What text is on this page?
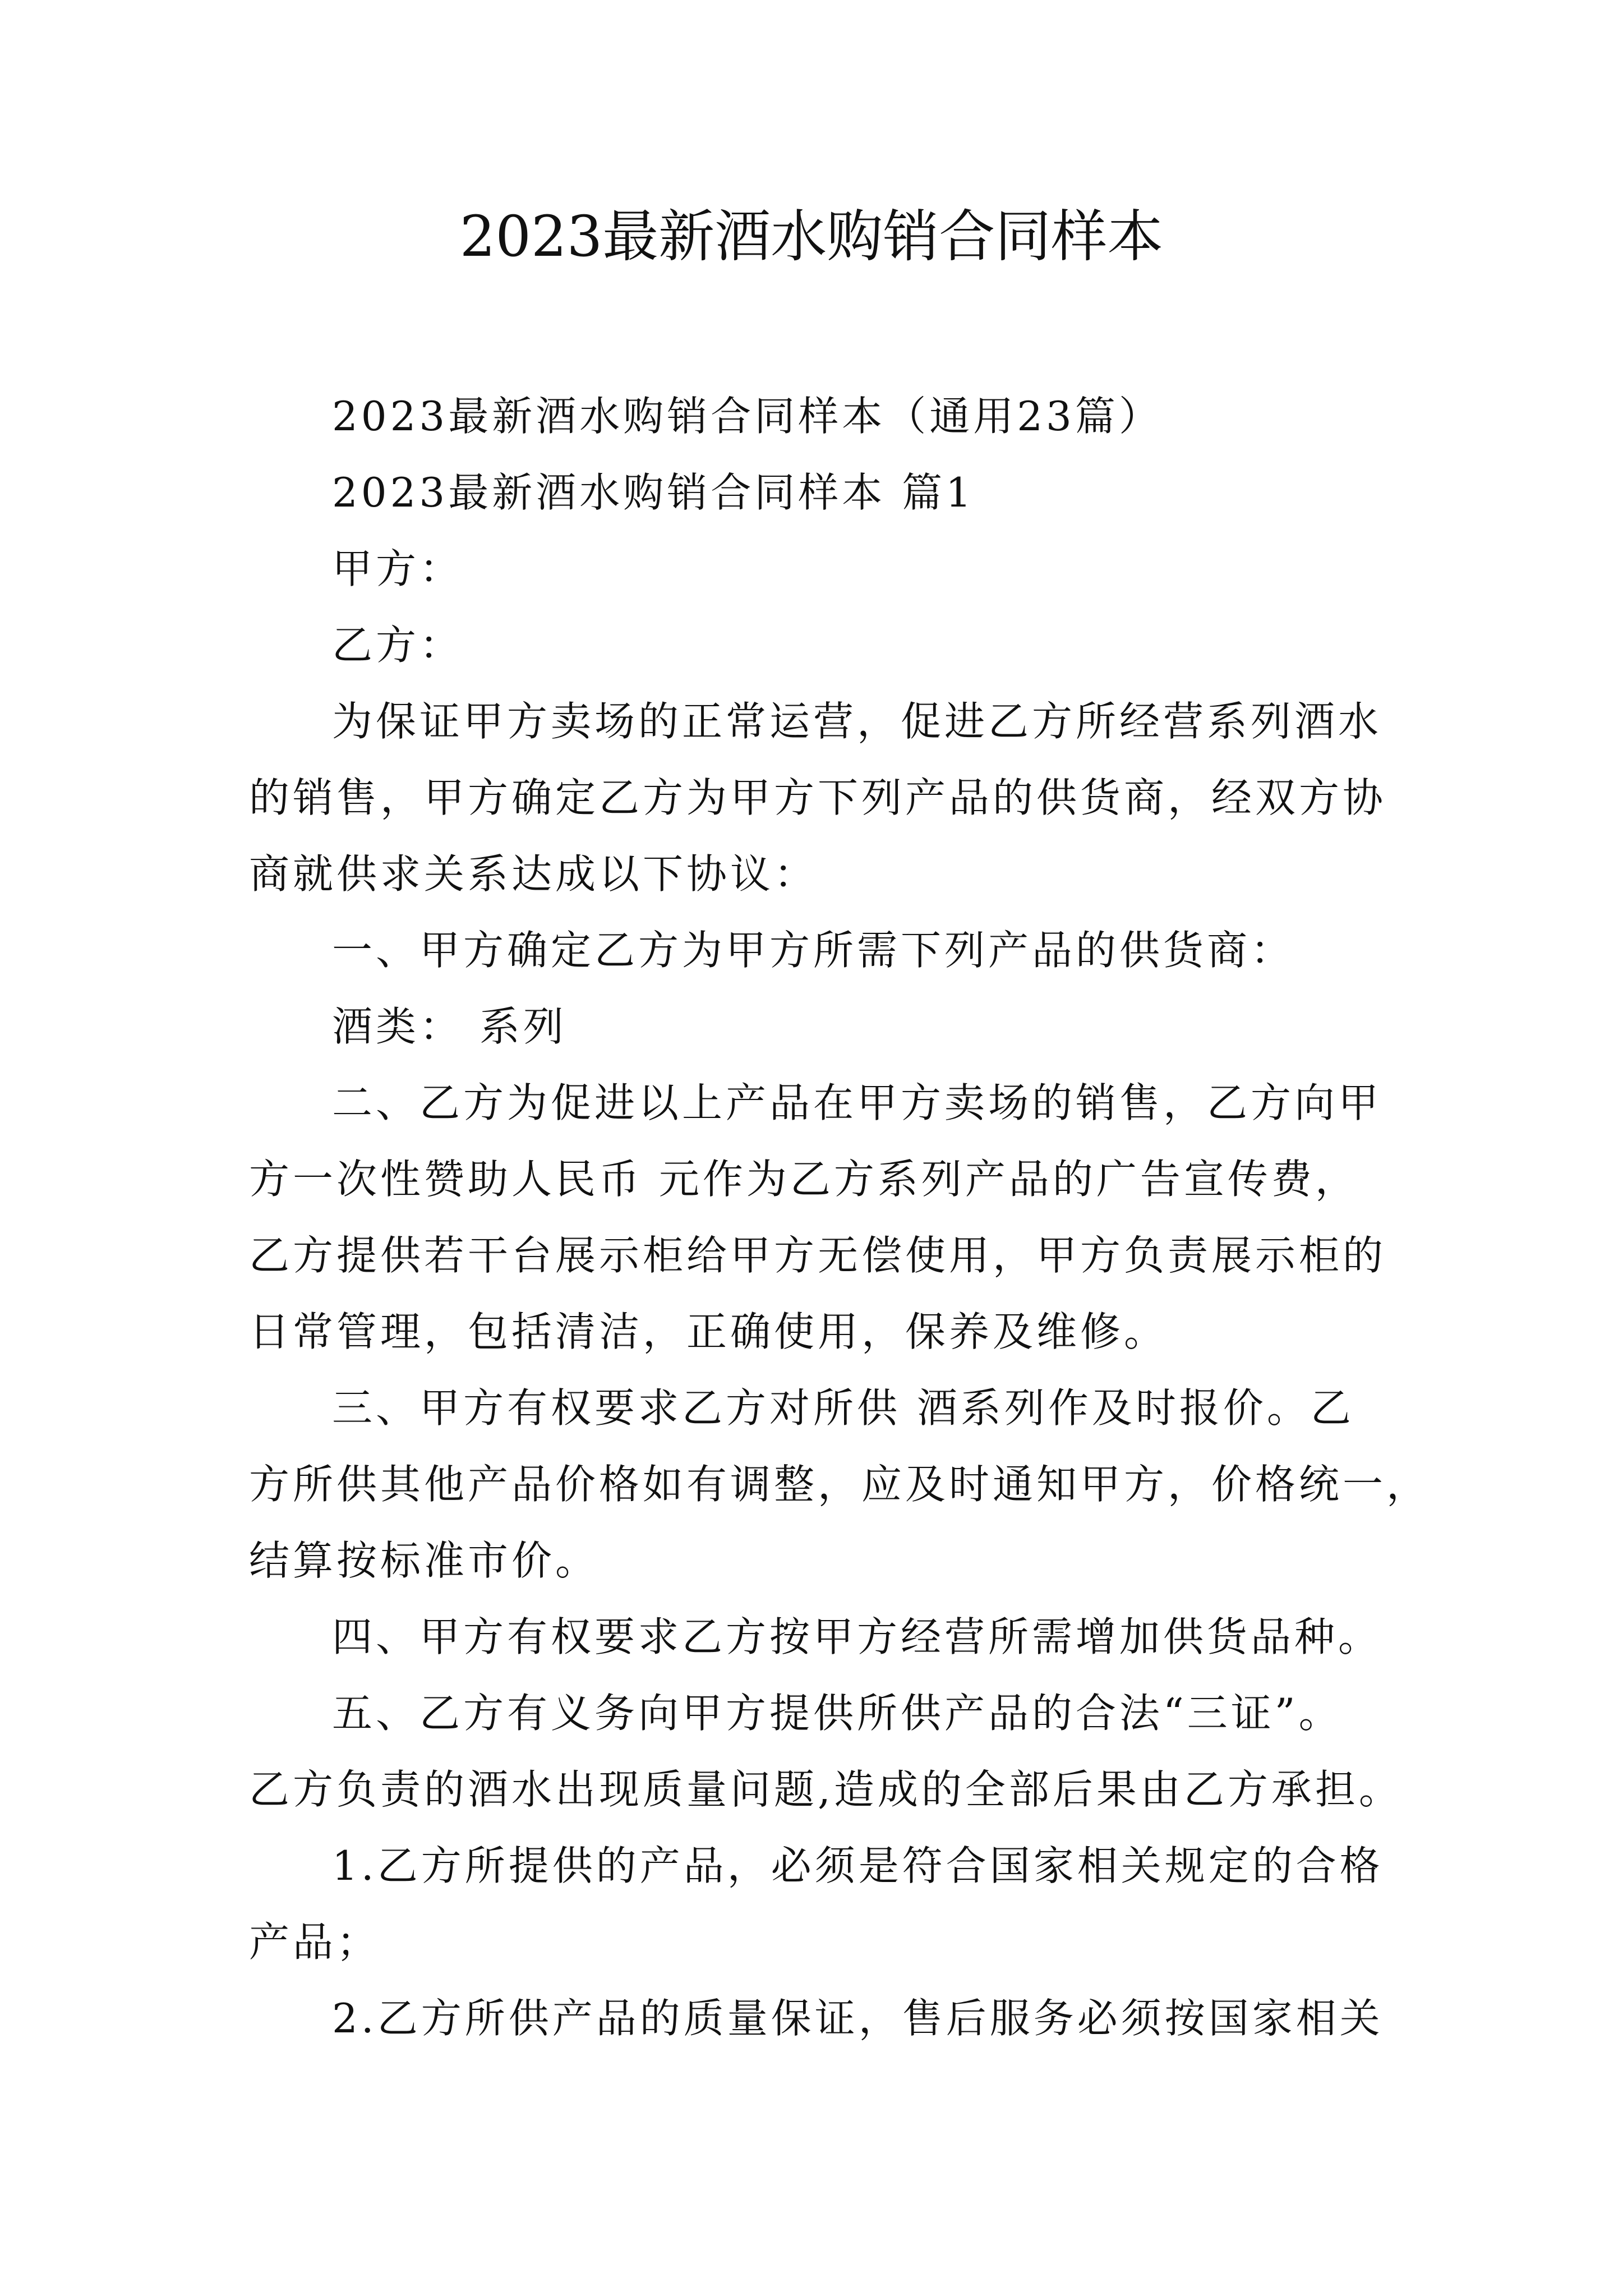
2023最新酒水购销合同样本
2023最新酒水购销合同样本（通用23篇）
2023最新酒水购销合同样本 篇1
甲方：
乙方：
为保证甲方卖场的正常运营，促进乙方所经营系列酒水
的销售，甲方确定乙方为甲方下列产品的供货商，经双方协
商就供求关系达成以下协议：
一、甲方确定乙方为甲方所需下列产品的供货商：
酒类： 系列
二、乙方为促进以上产品在甲方卖场的销售，乙方向甲
方一次性赞助人民币 元作为乙方系列产品的广告宣传费，
乙方提供若干台展示柜给甲方无偿使用，甲方负责展示柜的
日常管理，包括清洁，正确使用，保养及维修。
三、甲方有权要求乙方对所供 酒系列作及时报价。乙
方所供其他产品价格如有调整，应及时通知甲方，价格统一，
结算按标准市价。
四、甲方有权要求乙方按甲方经营所需增加供货品种。
五、乙方有义务向甲方提供所供产品的合法“三证”。
乙方负责的酒水出现质量问题,造成的全部后果由乙方承担。
1.乙方所提供的产品，必须是符合国家相关规定的合格
产品；
2.乙方所供产品的质量保证，售后服务必须按国家相关
